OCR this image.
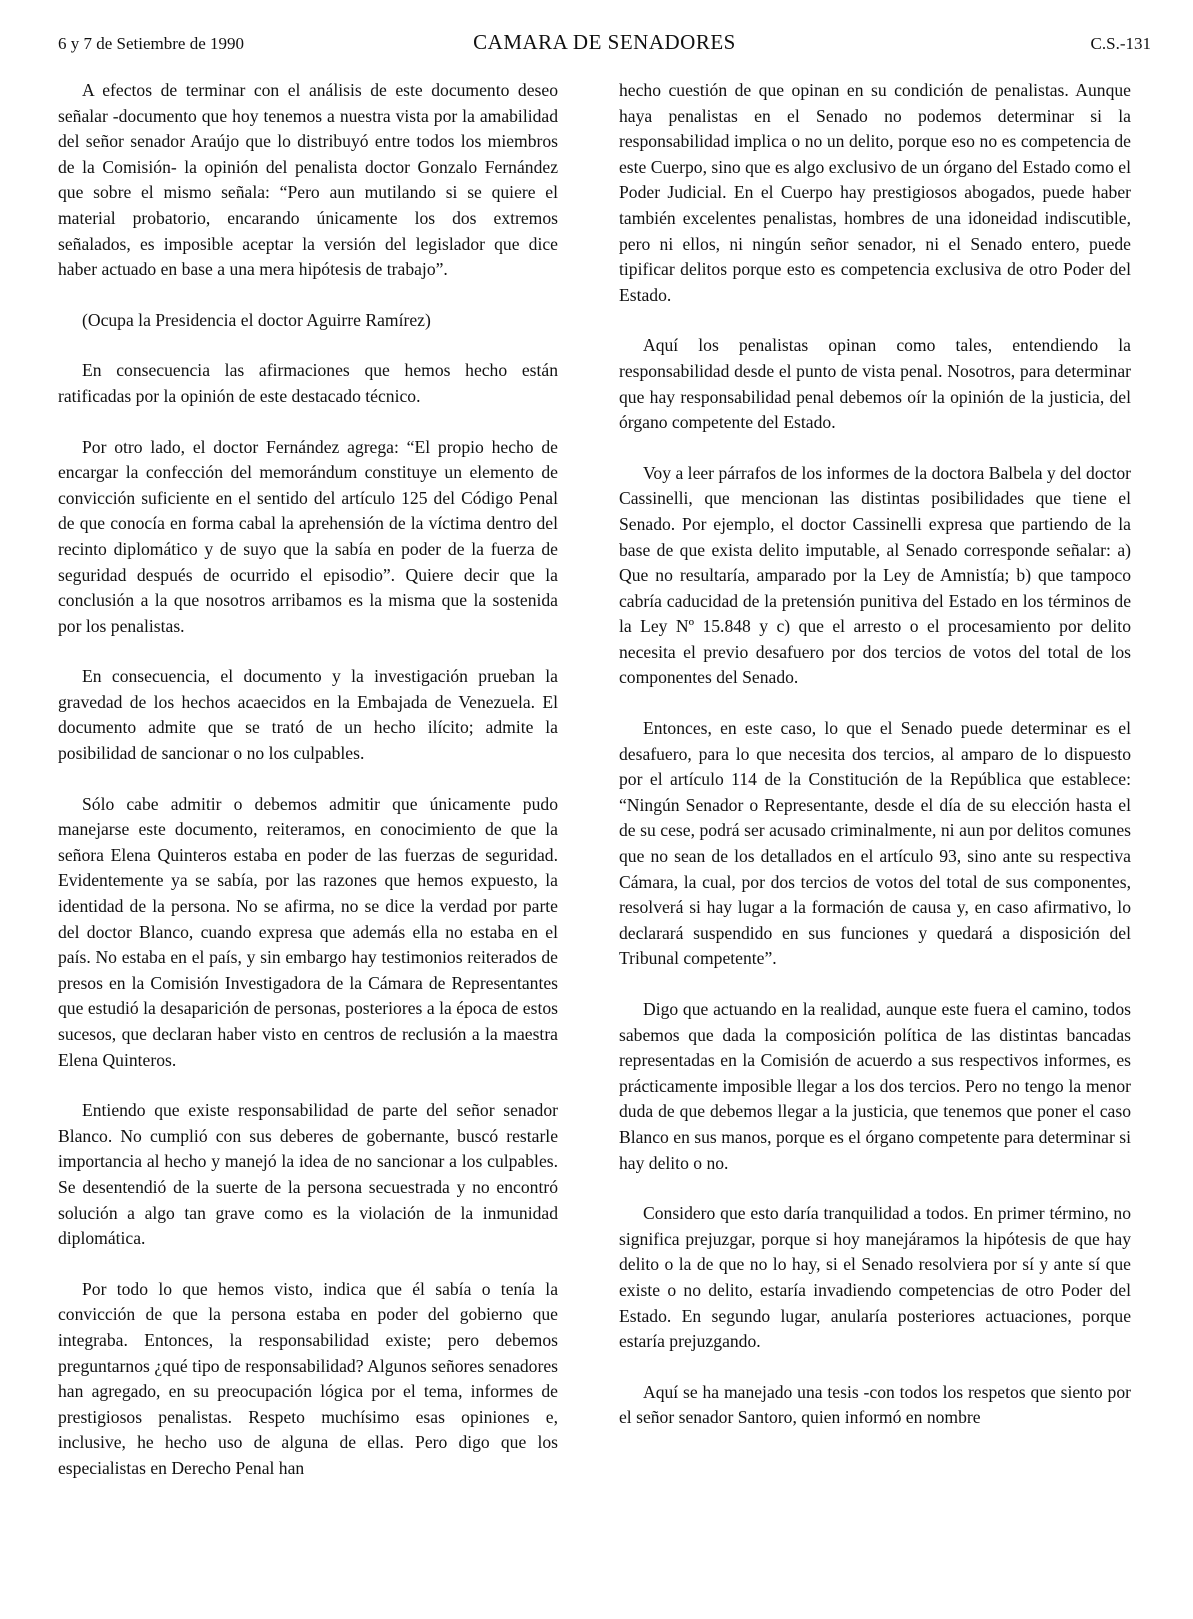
6 y 7 de Setiembre de 1990	CAMARA DE SENADORES	C.S.-131

A efectos de terminar con el análisis de este documento deseo señalar -documento que hoy tenemos a nuestra vista por la amabilidad del señor senador Araújo que lo distribuyó entre todos los miembros de la Comisión- la opinión del penalista doctor Gonzalo Fernández que sobre el mismo señala: “Pero aun mutilando si se quiere el material probatorio, encarando únicamente los dos extremos señalados, es imposible aceptar la versión del legislador que dice haber actuado en base a una mera hipótesis de trabajo”.

(Ocupa la Presidencia el doctor Aguirre Ramírez)

En consecuencia las afirmaciones que hemos hecho están ratificadas por la opinión de este destacado técnico.

Por otro lado, el doctor Fernández agrega: “El propio hecho de encargar la confección del memorándum constituye un elemento de convicción suficiente en el sentido del artículo 125 del Código Penal de que conocía en forma cabal la aprehensión de la víctima dentro del recinto diplomático y de suyo que la sabía en poder de la fuerza de seguridad después de ocurrido el episodio”. Quiere decir que la conclusión a la que nosotros arribamos es la misma que la sostenida por los penalistas.

En consecuencia, el documento y la investigación prueban la gravedad de los hechos acaecidos en la Embajada de Venezuela. El documento admite que se trató de un hecho ilícito; admite la posibilidad de sancionar o no los culpables.

Sólo cabe admitir o debemos admitir que únicamente pudo manejarse este documento, reiteramos, en conocimiento de que la señora Elena Quinteros estaba en poder de las fuerzas de seguridad. Evidentemente ya se sabía, por las razones que hemos expuesto, la identidad de la persona. No se afirma, no se dice la verdad por parte del doctor Blanco, cuando expresa que además ella no estaba en el país. No estaba en el país, y sin embargo hay testimonios reiterados de presos en la Comisión Investigadora de la Cámara de Representantes que estudió la desaparición de personas, posteriores a la época de estos sucesos, que declaran haber visto en centros de reclusión a la maestra Elena Quinteros.

Entiendo que existe responsabilidad de parte del señor senador Blanco. No cumplió con sus deberes de gobernante, buscó restarle importancia al hecho y manejó la idea de no sancionar a los culpables. Se desentendió de la suerte de la persona secuestrada y no encontró solución a algo tan grave como es la violación de la inmunidad diplomática.

Por todo lo que hemos visto, indica que él sabía o tenía la convicción de que la persona estaba en poder del gobierno que integraba. Entonces, la responsabilidad existe; pero debemos preguntarnos ¿qué tipo de responsabilidad? Algunos señores senadores han agregado, en su preocupación lógica por el tema, informes de prestigiosos penalistas. Respeto muchísimo esas opiniones e, inclusive, he hecho uso de alguna de ellas. Pero digo que los especialistas en Derecho Penal han

hecho cuestión de que opinan en su condición de penalistas. Aunque haya penalistas en el Senado no podemos determinar si la responsabilidad implica o no un delito, porque eso no es competencia de este Cuerpo, sino que es algo exclusivo de un órgano del Estado como el Poder Judicial. En el Cuerpo hay prestigiosos abogados, puede haber también excelentes penalistas, hombres de una idoneidad indiscutible, pero ni ellos, ni ningún señor senador, ni el Senado entero, puede tipificar delitos porque esto es competencia exclusiva de otro Poder del Estado.

Aquí los penalistas opinan como tales, entendiendo la responsabilidad desde el punto de vista penal. Nosotros, para determinar que hay responsabilidad penal debemos oír la opinión de la justicia, del órgano competente del Estado.

Voy a leer párrafos de los informes de la doctora Balbela y del doctor Cassinelli, que mencionan las distintas posibilidades que tiene el Senado. Por ejemplo, el doctor Cassinelli expresa que partiendo de la base de que exista delito imputable, al Senado corresponde señalar: a) Que no resultaría, amparado por la Ley de Amnistía; b) que tampoco cabría caducidad de la pretensión punitiva del Estado en los términos de la Ley Nº 15.848 y c) que el arresto o el procesamiento por delito necesita el previo desafuero por dos tercios de votos del total de los componentes del Senado.

Entonces, en este caso, lo que el Senado puede determinar es el desafuero, para lo que necesita dos tercios, al amparo de lo dispuesto por el artículo 114 de la Constitución de la República que establece: “Ningún Senador o Representante, desde el día de su elección hasta el de su cese, podrá ser acusado criminalmente, ni aun por delitos comunes que no sean de los detallados en el artículo 93, sino ante su respectiva Cámara, la cual, por dos tercios de votos del total de sus componentes, resolverá si hay lugar a la formación de causa y, en caso afirmativo, lo declarará suspendido en sus funciones y quedará a disposición del Tribunal competente”.

Digo que actuando en la realidad, aunque este fuera el camino, todos sabemos que dada la composición política de las distintas bancadas representadas en la Comisión de acuerdo a sus respectivos informes, es prácticamente imposible llegar a los dos tercios. Pero no tengo la menor duda de que debemos llegar a la justicia, que tenemos que poner el caso Blanco en sus manos, porque es el órgano competente para determinar si hay delito o no.

Considero que esto daría tranquilidad a todos. En primer término, no significa prejuzgar, porque si hoy manejáramos la hipótesis de que hay delito o la de que no lo hay, si el Senado resolviera por sí y ante sí que existe o no delito, estaría invadiendo competencias de otro Poder del Estado. En segundo lugar, anularía posteriores actuaciones, porque estaría prejuzgando.

Aquí se ha manejado una tesis -con todos los respetos que siento por el señor senador Santoro, quien informó en nombre
